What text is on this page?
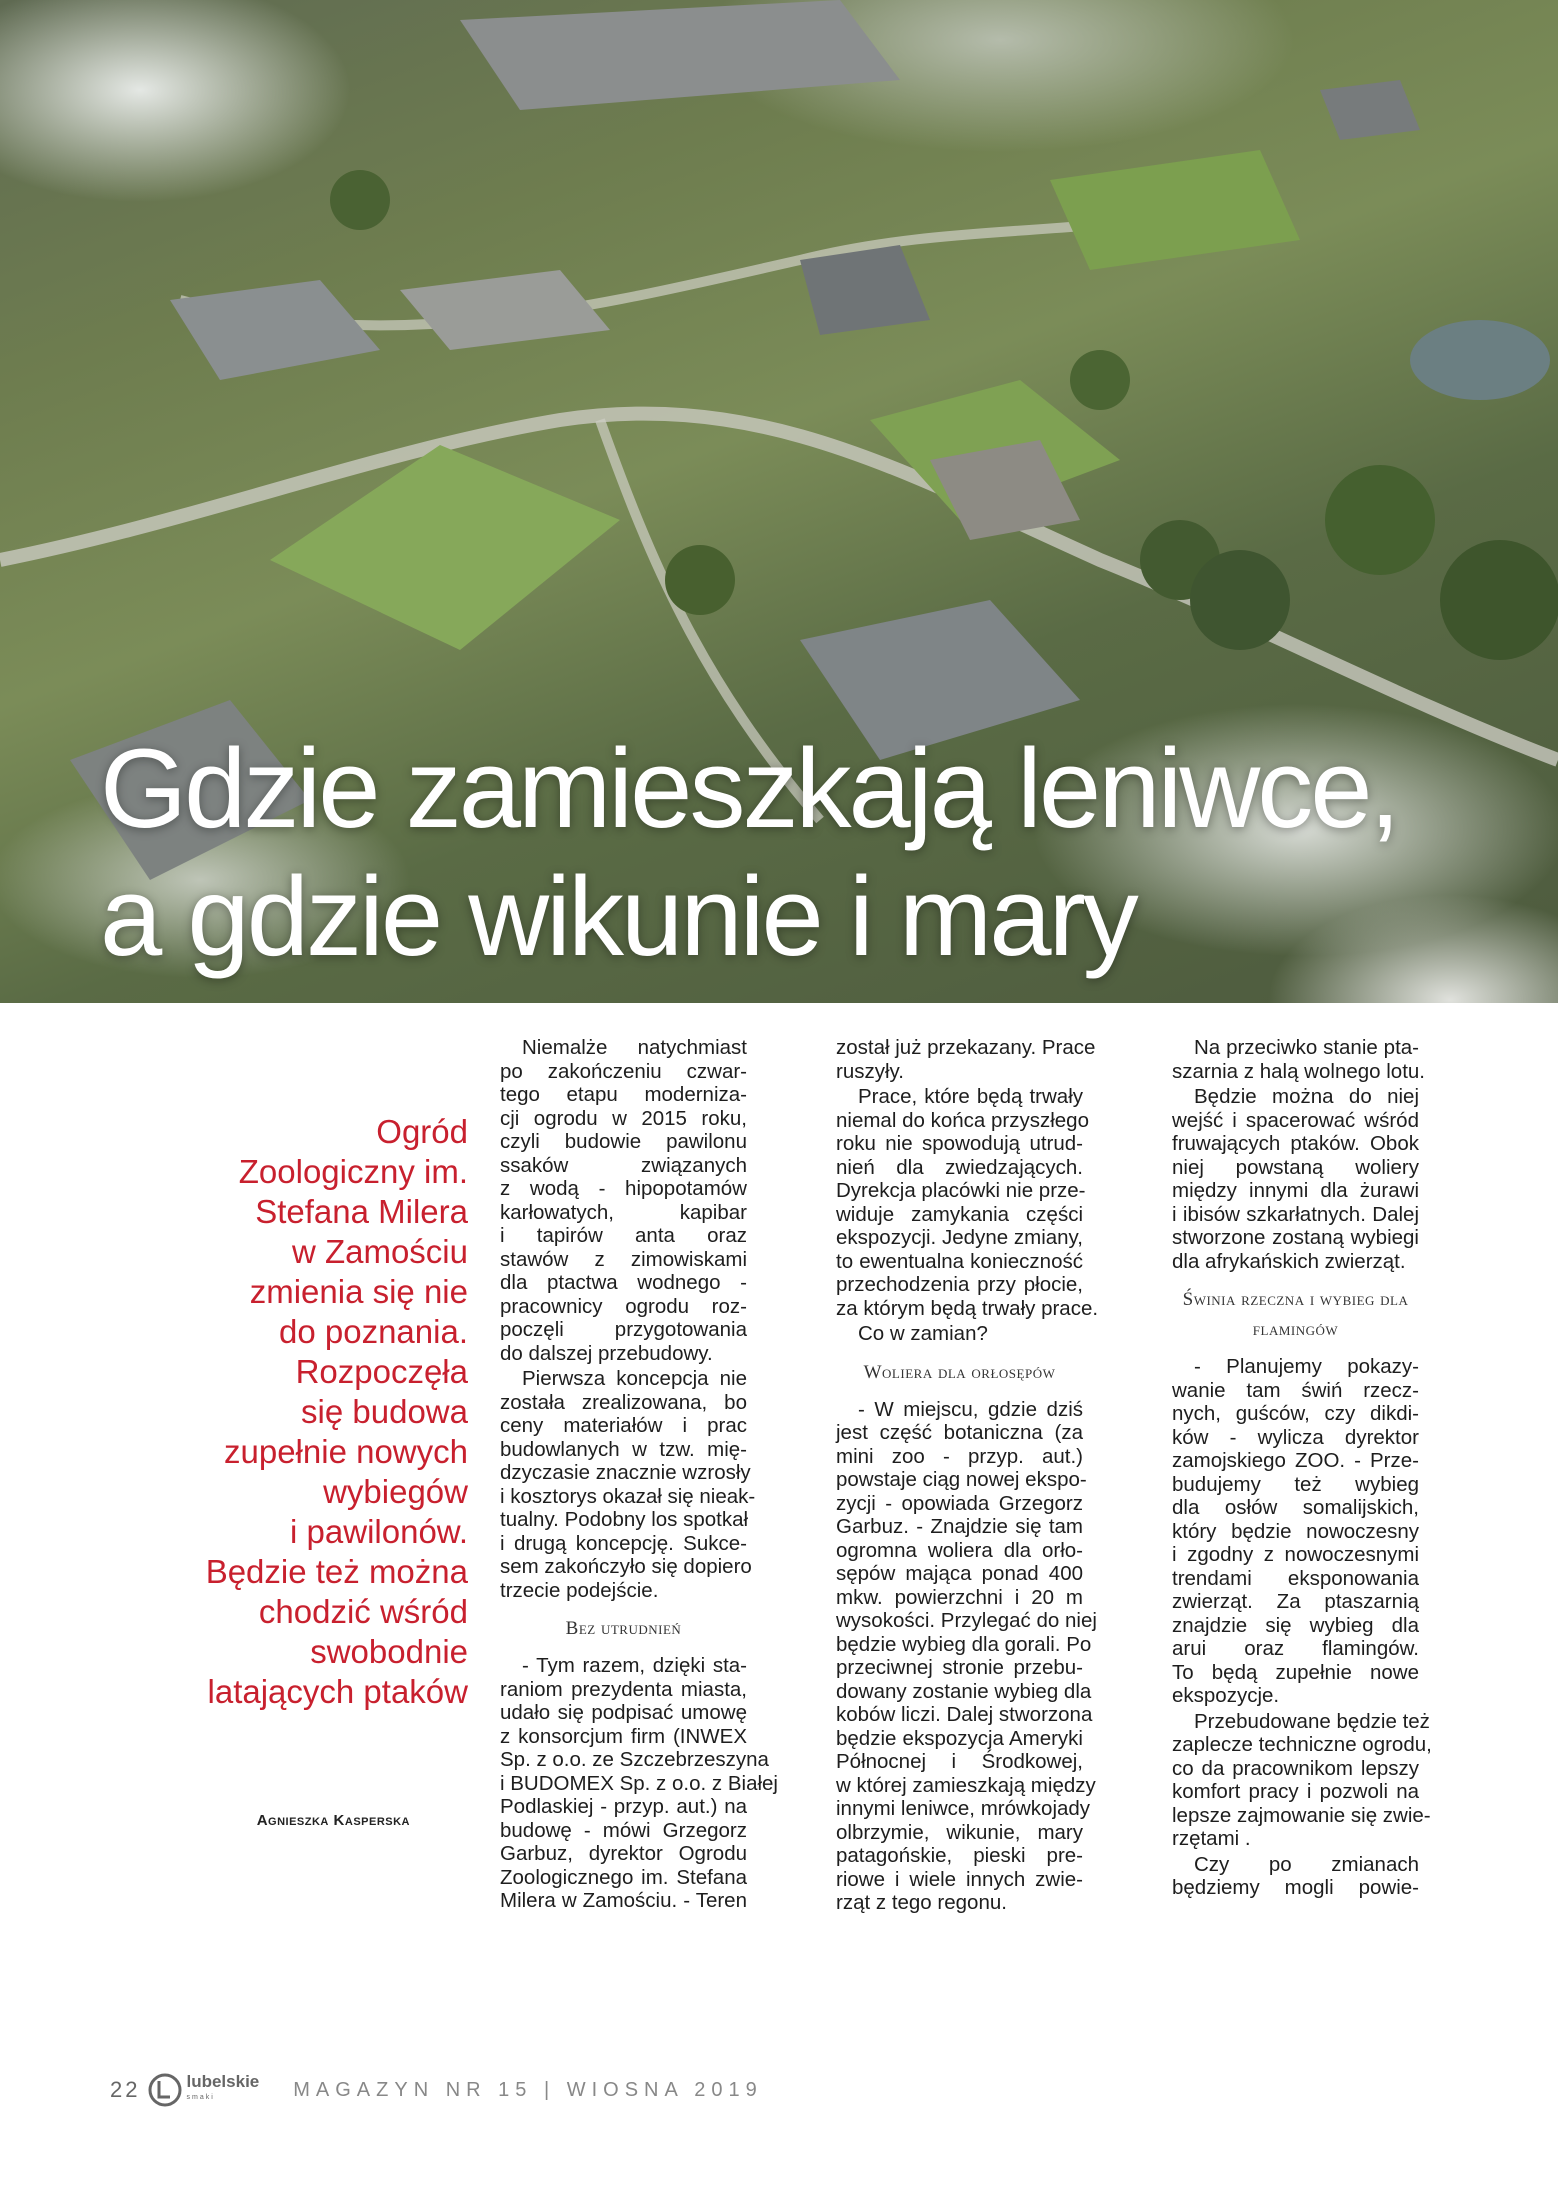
Gdzie zamieszkają leniwce,
a gdzie wikunie i mary
Ogród
Zoologiczny im.
Stefana Milera
w Zamościu
zmienia się nie
do poznania.
Rozpoczęła
się budowa
zupełnie nowych
wybiegów
i pawilonów.
Będzie też można
chodzić wśród
swobodnie
latających ptaków
Agnieszka Kasperska
Niemalże natychmiast
po zakończeniu czwar-
tego etapu moderniza-
cji ogrodu w 2015 roku,
czyli budowie pawilonu
ssaków związanych
z wodą - hipopotamów
karłowatych, kapibar
i tapirów anta oraz
stawów z zimowiskami
dla ptactwa wodnego -
pracownicy ogrodu roz-
poczęli przygotowania
do dalszej przebudowy.
Pierwsza koncepcja nie
została zrealizowana, bo
ceny materiałów i prac
budowlanych w tzw. mię-
dzyczasie znacznie wzrosły
i kosztorys okazał się nieak-
tualny. Podobny los spotkał
i drugą koncepcję. Sukce-
sem zakończyło się dopiero
trzecie podejście.
Bez utrudnień
- Tym razem, dzięki sta-
raniom prezydenta miasta,
udało się podpisać umowę
z konsorcjum firm (INWEX
Sp. z o.o. ze Szczebrzeszyna
i BUDOMEX Sp. z o.o. z Białej
Podlaskiej - przyp. aut.) na
budowę - mówi Grzegorz
Garbuz, dyrektor Ogrodu
Zoologicznego im. Stefana
Milera w Zamościu. - Teren
został już przekazany. Prace
ruszyły.
Prace, które będą trwały
niemal do końca przyszłego
roku nie spowodują utrud-
nień dla zwiedzających.
Dyrekcja placówki nie prze-
widuje zamykania części
ekspozycji. Jedyne zmiany,
to ewentualna konieczność
przechodzenia przy płocie,
za którym będą trwały prace.
Co w zamian?
Woliera dla orłosępów
- W miejscu, gdzie dziś
jest część botaniczna (za
mini zoo - przyp. aut.)
powstaje ciąg nowej ekspo-
zycji - opowiada Grzegorz
Garbuz. - Znajdzie się tam
ogromna woliera dla orło-
sępów mająca ponad 400
mkw. powierzchni i 20 m
wysokości. Przylegać do niej
będzie wybieg dla gorali. Po
przeciwnej stronie przebu-
dowany zostanie wybieg dla
kobów liczi. Dalej stworzona
będzie ekspozycja Ameryki
Północnej i Środkowej,
w której zamieszkają między
innymi leniwce, mrówkojady
olbrzymie, wikunie, mary
patagońskie, pieski pre-
riowe i wiele innych zwie-
rząt z tego regonu.
Na przeciwko stanie pta-
szarnia z halą wolnego lotu.
Będzie można do niej
wejść i spacerować wśród
fruwających ptaków. Obok
niej powstaną woliery
między innymi dla żurawi
i ibisów szkarłatnych. Dalej
stworzone zostaną wybiegi
dla afrykańskich zwierząt.
Świnia rzeczna i wybieg dla
flamingów
- Planujemy pokazy-
wanie tam świń rzecz-
nych, guśców, czy dikdi-
ków - wylicza dyrektor
zamojskiego ZOO. - Prze-
budujemy też wybieg
dla osłów somalijskich,
który będzie nowoczesny
i zgodny z nowoczesnymi
trendami eksponowania
zwierząt. Za ptaszarnią
znajdzie się wybieg dla
arui oraz flamingów.
To będą zupełnie nowe
ekspozycje.
Przebudowane będzie też
zaplecze techniczne ogrodu,
co da pracownikom lepszy
komfort pracy i pozwoli na
lepsze zajmowanie się zwie-
rzętami .
Czy po zmianach
będziemy mogli powie-
22	lubelskie
smaki	MAGAZYN NR 15 | WIOSNA 2019
